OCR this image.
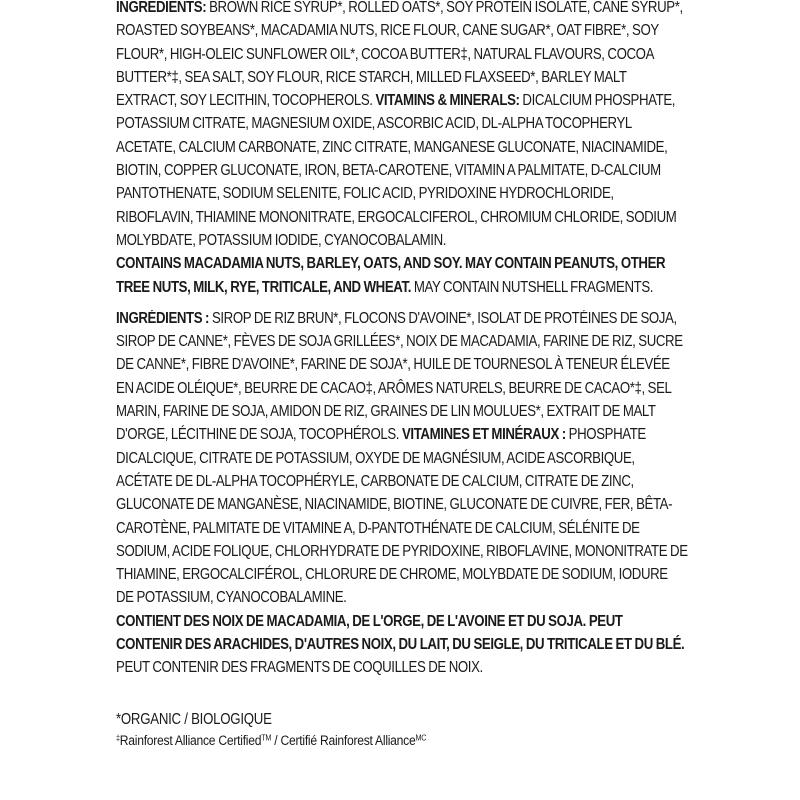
INGREDIENTS: BROWN RICE SYRUP*, ROLLED OATS*, SOY PROTEIN ISOLATE, CANE SYRUP*, ROASTED SOYBEANS*, MACADAMIA NUTS, RICE FLOUR, CANE SUGAR*, OAT FIBRE*, SOY FLOUR*, HIGH-OLEIC SUNFLOWER OIL*, COCOA BUTTER‡, NATURAL FLAVOURS, COCOA BUTTER*‡, SEA SALT, SOY FLOUR, RICE STARCH, MILLED FLAXSEED*, BARLEY MALT EXTRACT, SOY LECITHIN, TOCOPHEROLS. VITAMINS & MINERALS: DICALCIUM PHOSPHATE, POTASSIUM CITRATE, MAGNESIUM OXIDE, ASCORBIC ACID, DL-ALPHA TOCOPHERYL ACETATE, CALCIUM CARBONATE, ZINC CITRATE, MANGANESE GLUCONATE, NIACINAMIDE, BIOTIN, COPPER GLUCONATE, IRON, BETA-CAROTENE, VITAMIN A PALMITATE, D-CALCIUM PANTOTHENATE, SODIUM SELENITE, FOLIC ACID, PYRIDOXINE HYDROCHLORIDE, RIBOFLAVIN, THIAMINE MONONITRATE, ERGOCALCIFEROL, CHROMIUM CHLORIDE, SODIUM MOLYBDATE, POTASSIUM IODIDE, CYANOCOBALAMIN.

CONTAINS MACADAMIA NUTS, BARLEY, OATS, AND SOY. MAY CONTAIN PEANUTS, OTHER TREE NUTS, MILK, RYE, TRITICALE, AND WHEAT. MAY CONTAIN NUTSHELL FRAGMENTS.

INGRÉDIENTS : SIROP DE RIZ BRUN*, FLOCONS D'AVOINE*, ISOLAT DE PROTÉINES DE SOJA, SIROP DE CANNE*, FÈVES DE SOJA GRILLÉES*, NOIX DE MACADAMIA, FARINE DE RIZ, SUCRE DE CANNE*, FIBRE D'AVOINE*, FARINE DE SOJA*, HUILE DE TOURNESOL À TENEUR ÉLEVÉE EN ACIDE OLÉIQUE*, BEURRE DE CACAO‡, ARÔMES NATURELS, BEURRE DE CACAO*‡, SEL MARIN, FARINE DE SOJA, AMIDON DE RIZ, GRAINES DE LIN MOULUES*, EXTRAIT DE MALT D'ORGE, LÉCITHINE DE SOJA, TOCOPHÉROLS. VITAMINES ET MINÉRAUX : PHOSPHATE DICALCIQUE, CITRATE DE POTASSIUM, OXYDE DE MAGNÉSIUM, ACIDE ASCORBIQUE, ACÉTATE DE DL-ALPHA TOCOPHÉRYLE, CARBONATE DE CALCIUM, CITRATE DE ZINC, GLUCONATE DE MANGANÈSE, NIACINAMIDE, BIOTINE, GLUCONATE DE CUIVRE, FER, BÊTA-CAROTÈNE, PALMITATE DE VITAMINE A, D-PANTOTHÉNATE DE CALCIUM, SÉLÉNITE DE SODIUM, ACIDE FOLIQUE, CHLORHYDRATE DE PYRIDOXINE, RIBOFLAVINE, MONONITRATE DE THIAMINE, ERGOCALCIFÉROL, CHLORURE DE CHROME, MOLYBDATE DE SODIUM, IODURE DE POTASSIUM, CYANOCOBALAMINE.

CONTIENT DES NOIX DE MACADAMIA, DE L'ORGE, DE L'AVOINE ET DU SOJA. PEUT CONTENIR DES ARACHIDES, D'AUTRES NOIX, DU LAIT, DU SEIGLE, DU TRITICALE ET DU BLÉ.
PEUT CONTENIR DES FRAGMENTS DE COQUILLES DE NOIX.

*ORGANIC / BIOLOGIQUE

‡Rainforest Alliance Certified™ / Certifié Rainforest Alliance$^{MC}$
